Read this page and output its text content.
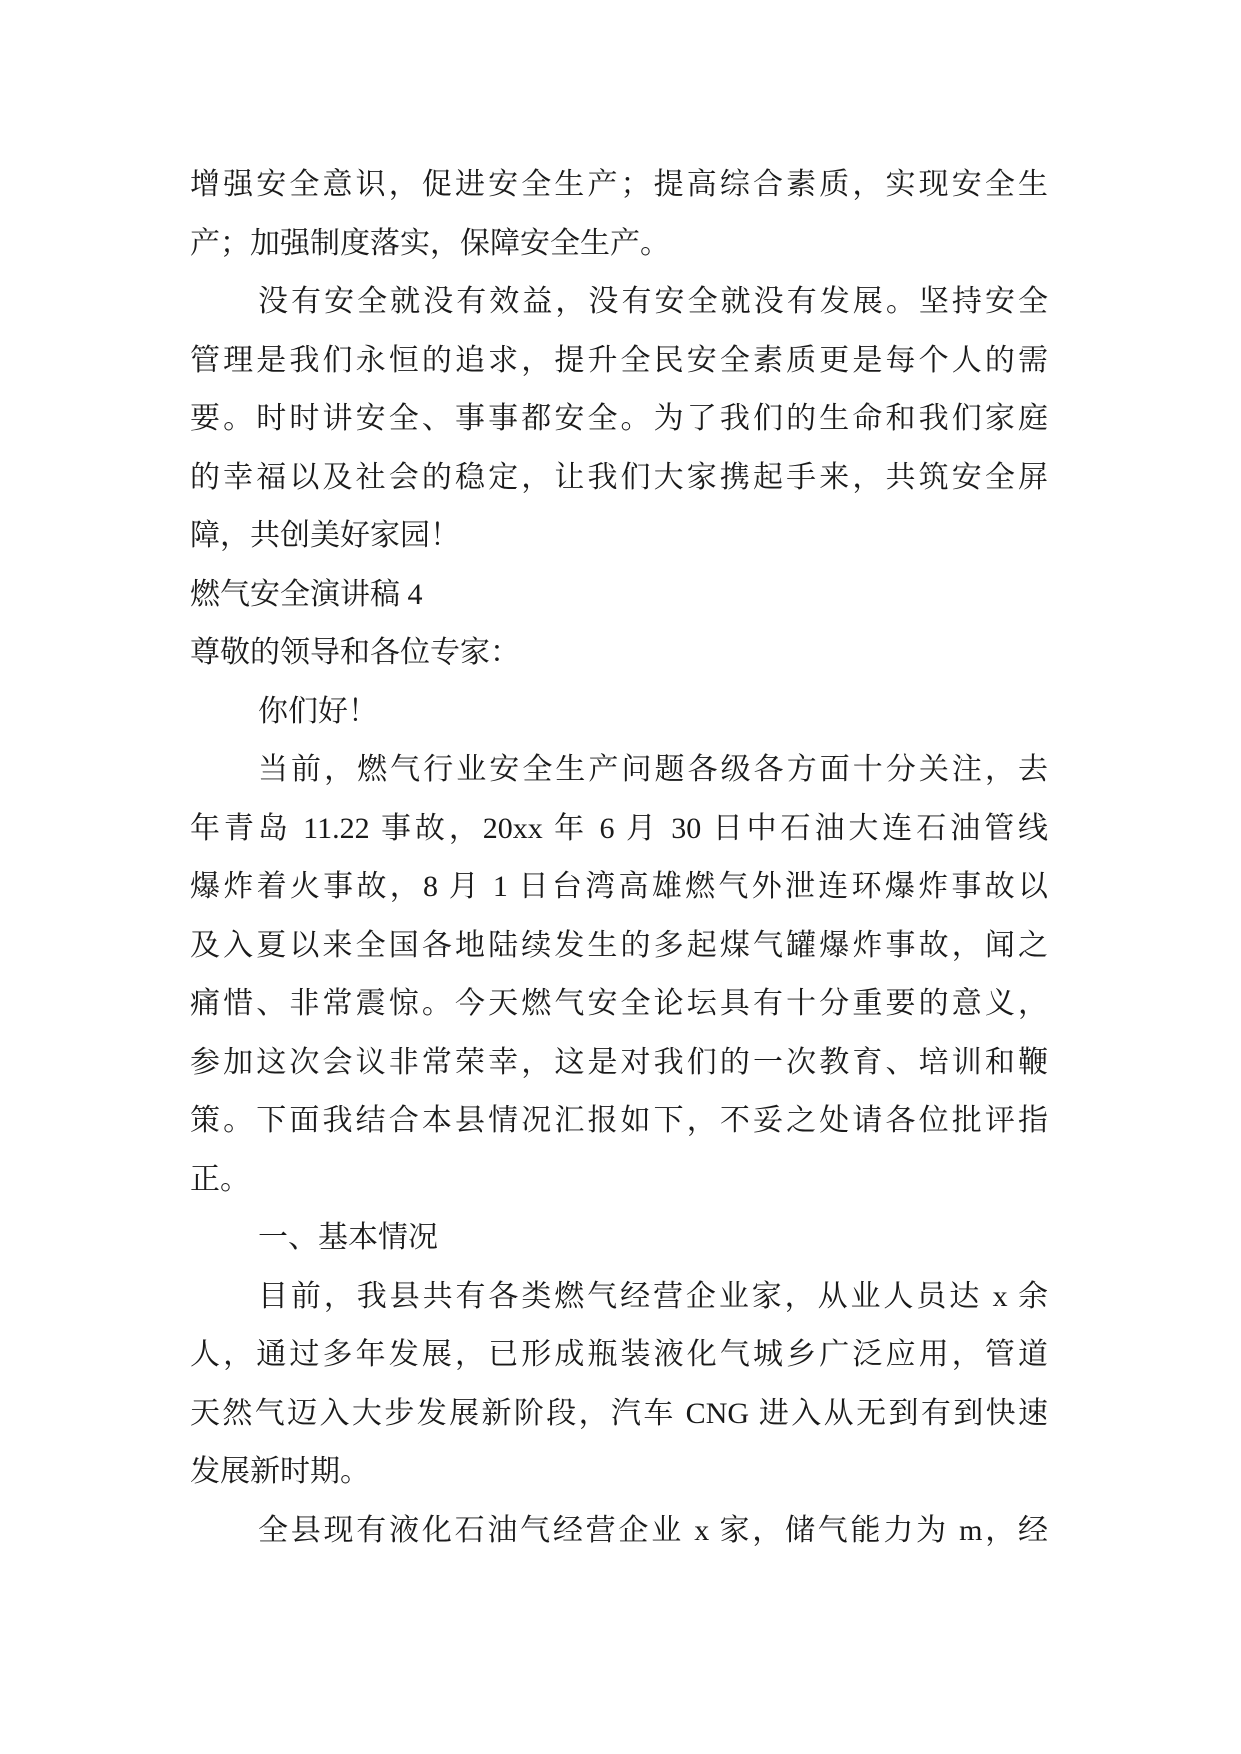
增强安全意识，促进安全生产；提高综合素质，实现安全生
产；加强制度落实，保障安全生产。
没有安全就没有效益，没有安全就没有发展。坚持安全
管理是我们永恒的追求，提升全民安全素质更是每个人的需
要。时时讲安全、事事都安全。为了我们的生命和我们家庭
的幸福以及社会的稳定，让我们大家携起手来，共筑安全屏
障，共创美好家园！
燃气安全演讲稿 4
尊敬的领导和各位专家：
你们好！
当前，燃气行业安全生产问题各级各方面十分关注，去
年青岛 11.22 事故，20xx 年 6 月 30 日中石油大连石油管线
爆炸着火事故，8 月 1 日台湾高雄燃气外泄连环爆炸事故以
及入夏以来全国各地陆续发生的多起煤气罐爆炸事故，闻之
痛惜、非常震惊。今天燃气安全论坛具有十分重要的意义，
参加这次会议非常荣幸，这是对我们的一次教育、培训和鞭
策。下面我结合本县情况汇报如下，不妥之处请各位批评指
正。
一、基本情况
目前，我县共有各类燃气经营企业家，从业人员达 x 余
人，通过多年发展，已形成瓶装液化气城乡广泛应用，管道
天然气迈入大步发展新阶段，汽车 CNG 进入从无到有到快速
发展新时期。
全县现有液化石油气经营企业 x 家，储气能力为 m，经
